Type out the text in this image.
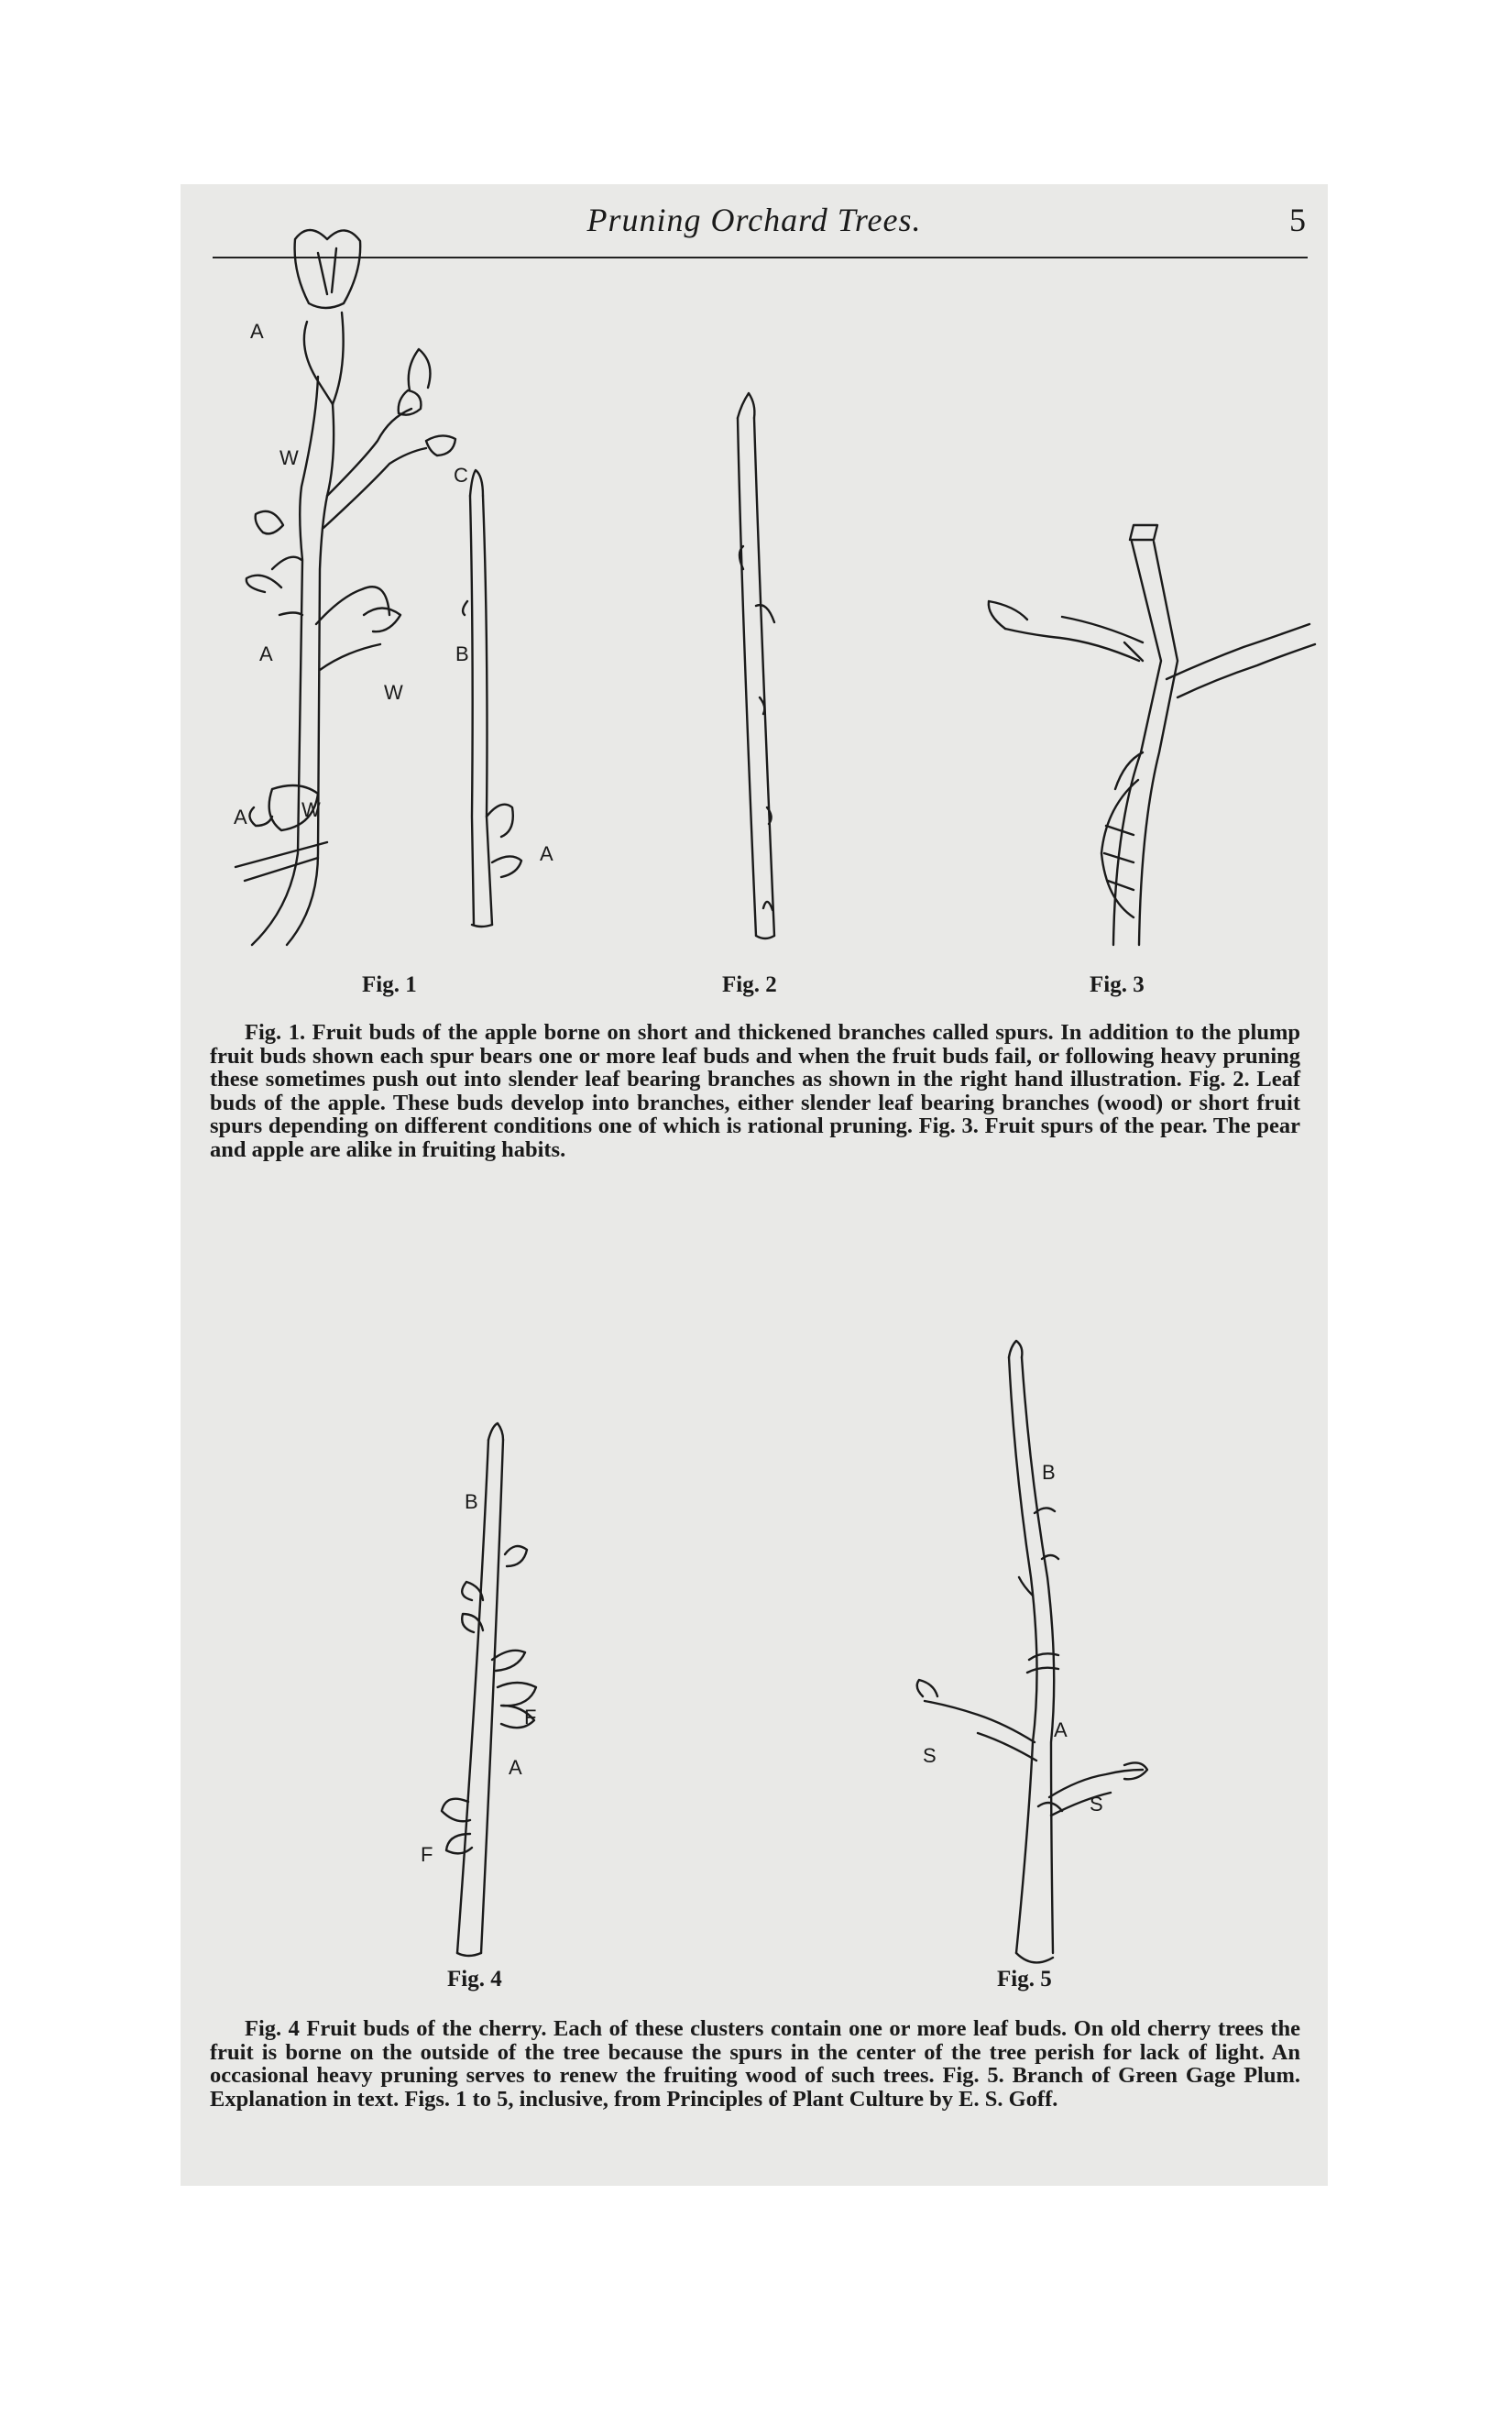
Pruning Orchard Trees.	5
A
W
C
A	B
W
A	W
A
Fig. 1	Fig. 2	Fig. 3
Fig. 1. Fruit buds of the apple borne on short and thickened branches called spurs. In addition to the plump fruit buds shown each spur bears one or more leaf buds and when the fruit buds fail, or following heavy pruning these sometimes push out into slender leaf bearing branches as shown in the right hand illustration. Fig. 2. Leaf buds of the apple. These buds develop into branches, either slender leaf bearing branches (wood) or short fruit spurs depending on different conditions one of which is rational pruning. Fig. 3. Fruit spurs of the pear. The pear and apple are alike in fruiting habits.
B
F
A
F
B
A
S
S
Fig. 4	Fig. 5
Fig. 4 Fruit buds of the cherry. Each of these clusters contain one or more leaf buds. On old cherry trees the fruit is borne on the outside of the tree because the spurs in the center of the tree perish for lack of light. An occasional heavy pruning serves to renew the fruiting wood of such trees. Fig. 5. Branch of Green Gage Plum. Explanation in text. Figs. 1 to 5, inclusive, from Principles of Plant Culture by E. S. Goff.
